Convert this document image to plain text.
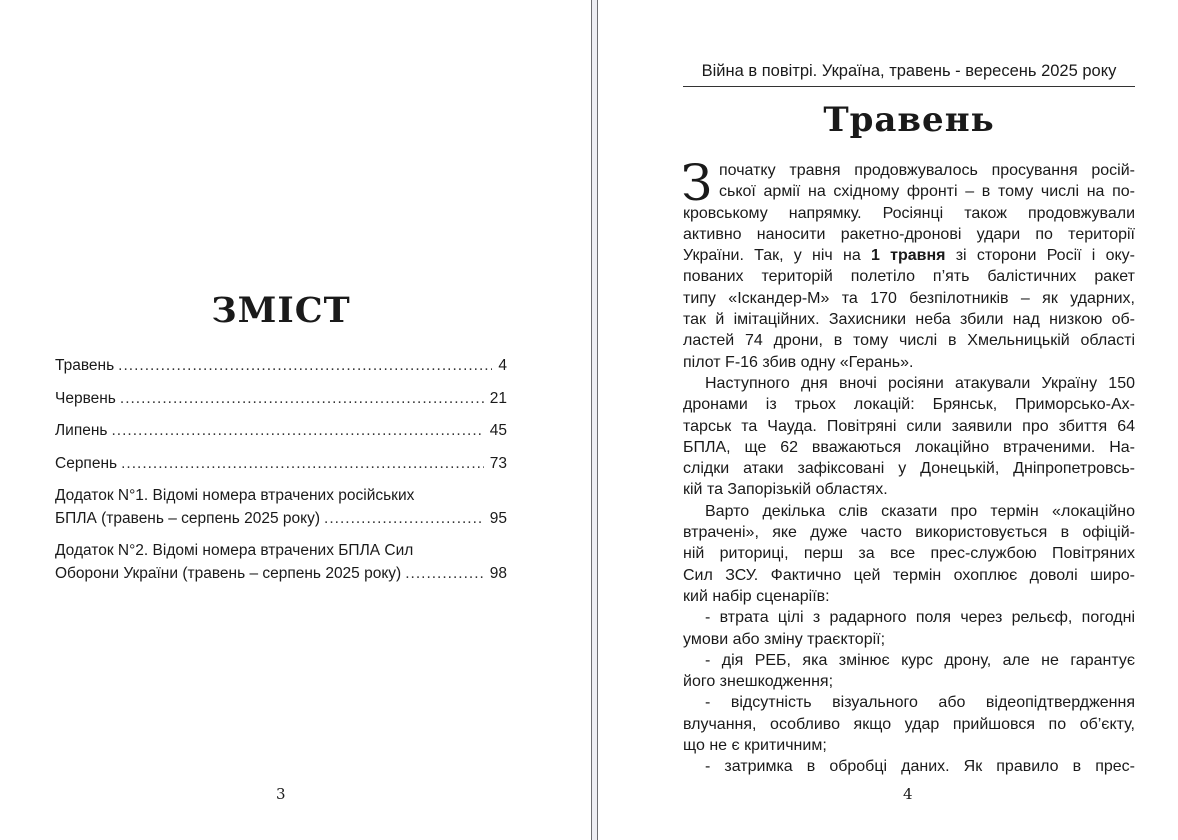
ЗМІСТ
Травень .....	4
Червень .....	21
Липень .....	45
Серпень .....	73
Додаток N°1. Відомі номера втрачених російських
БПЛА (травень – серпень 2025 року) .....	95
Додаток N°2. Відомі номера втрачених БПЛА Сил
Оборони України (травень – серпень 2025 року) .....	98
3
Війна в повітрі. Україна, травень - вересень 2025 року
Травень
З початку травня продовжувалось просування росій-
ської армії на східному фронті – в тому числі на по-
кровському напрямку. Росіянці також продовжували
активно наносити ракетно-дронові удари по території
України. Так, у ніч на 1 травня зі сторони Росії і оку-
пованих територій полетіло п’ять балістичних ракет
типу «Іскандер-М» та 170 безпілотників – як ударних,
так й імітаційних. Захисники неба збили над низкою об-
ластей 74 дрони, в тому числі в Хмельницькій області
пілот F-16 збив одну «Герань».
Наступного дня вночі росіяни атакували Україну 150
дронами із трьох локацій: Брянськ, Приморсько-Ах-
тарськ та Чауда. Повітряні сили заявили про збиття 64
БПЛА, ще 62 вважаються локаційно втраченими. На-
слідки атаки зафіксовані у Донецькій, Дніпропетровсь-
кій та Запорізькій областях.
Варто декілька слів сказати про термін «локаційно
втрачені», яке дуже часто використовується в офіцій-
ній риториці, перш за все прес-службою Повітряних
Сил ЗСУ. Фактично цей термін охоплює доволі широ-
кий набір сценаріїв:
- втрата цілі з радарного поля через рельєф, погодні
умови або зміну траєкторії;
- дія РЕБ, яка змінює курс дрону, але не гарантує
його знешкодження;
- відсутність візуального або відеопідтвердження
влучання, особливо якщо удар прийшовся по об’єкту,
що не є критичним;
- затримка в обробці даних. Як правило в прес-
4
